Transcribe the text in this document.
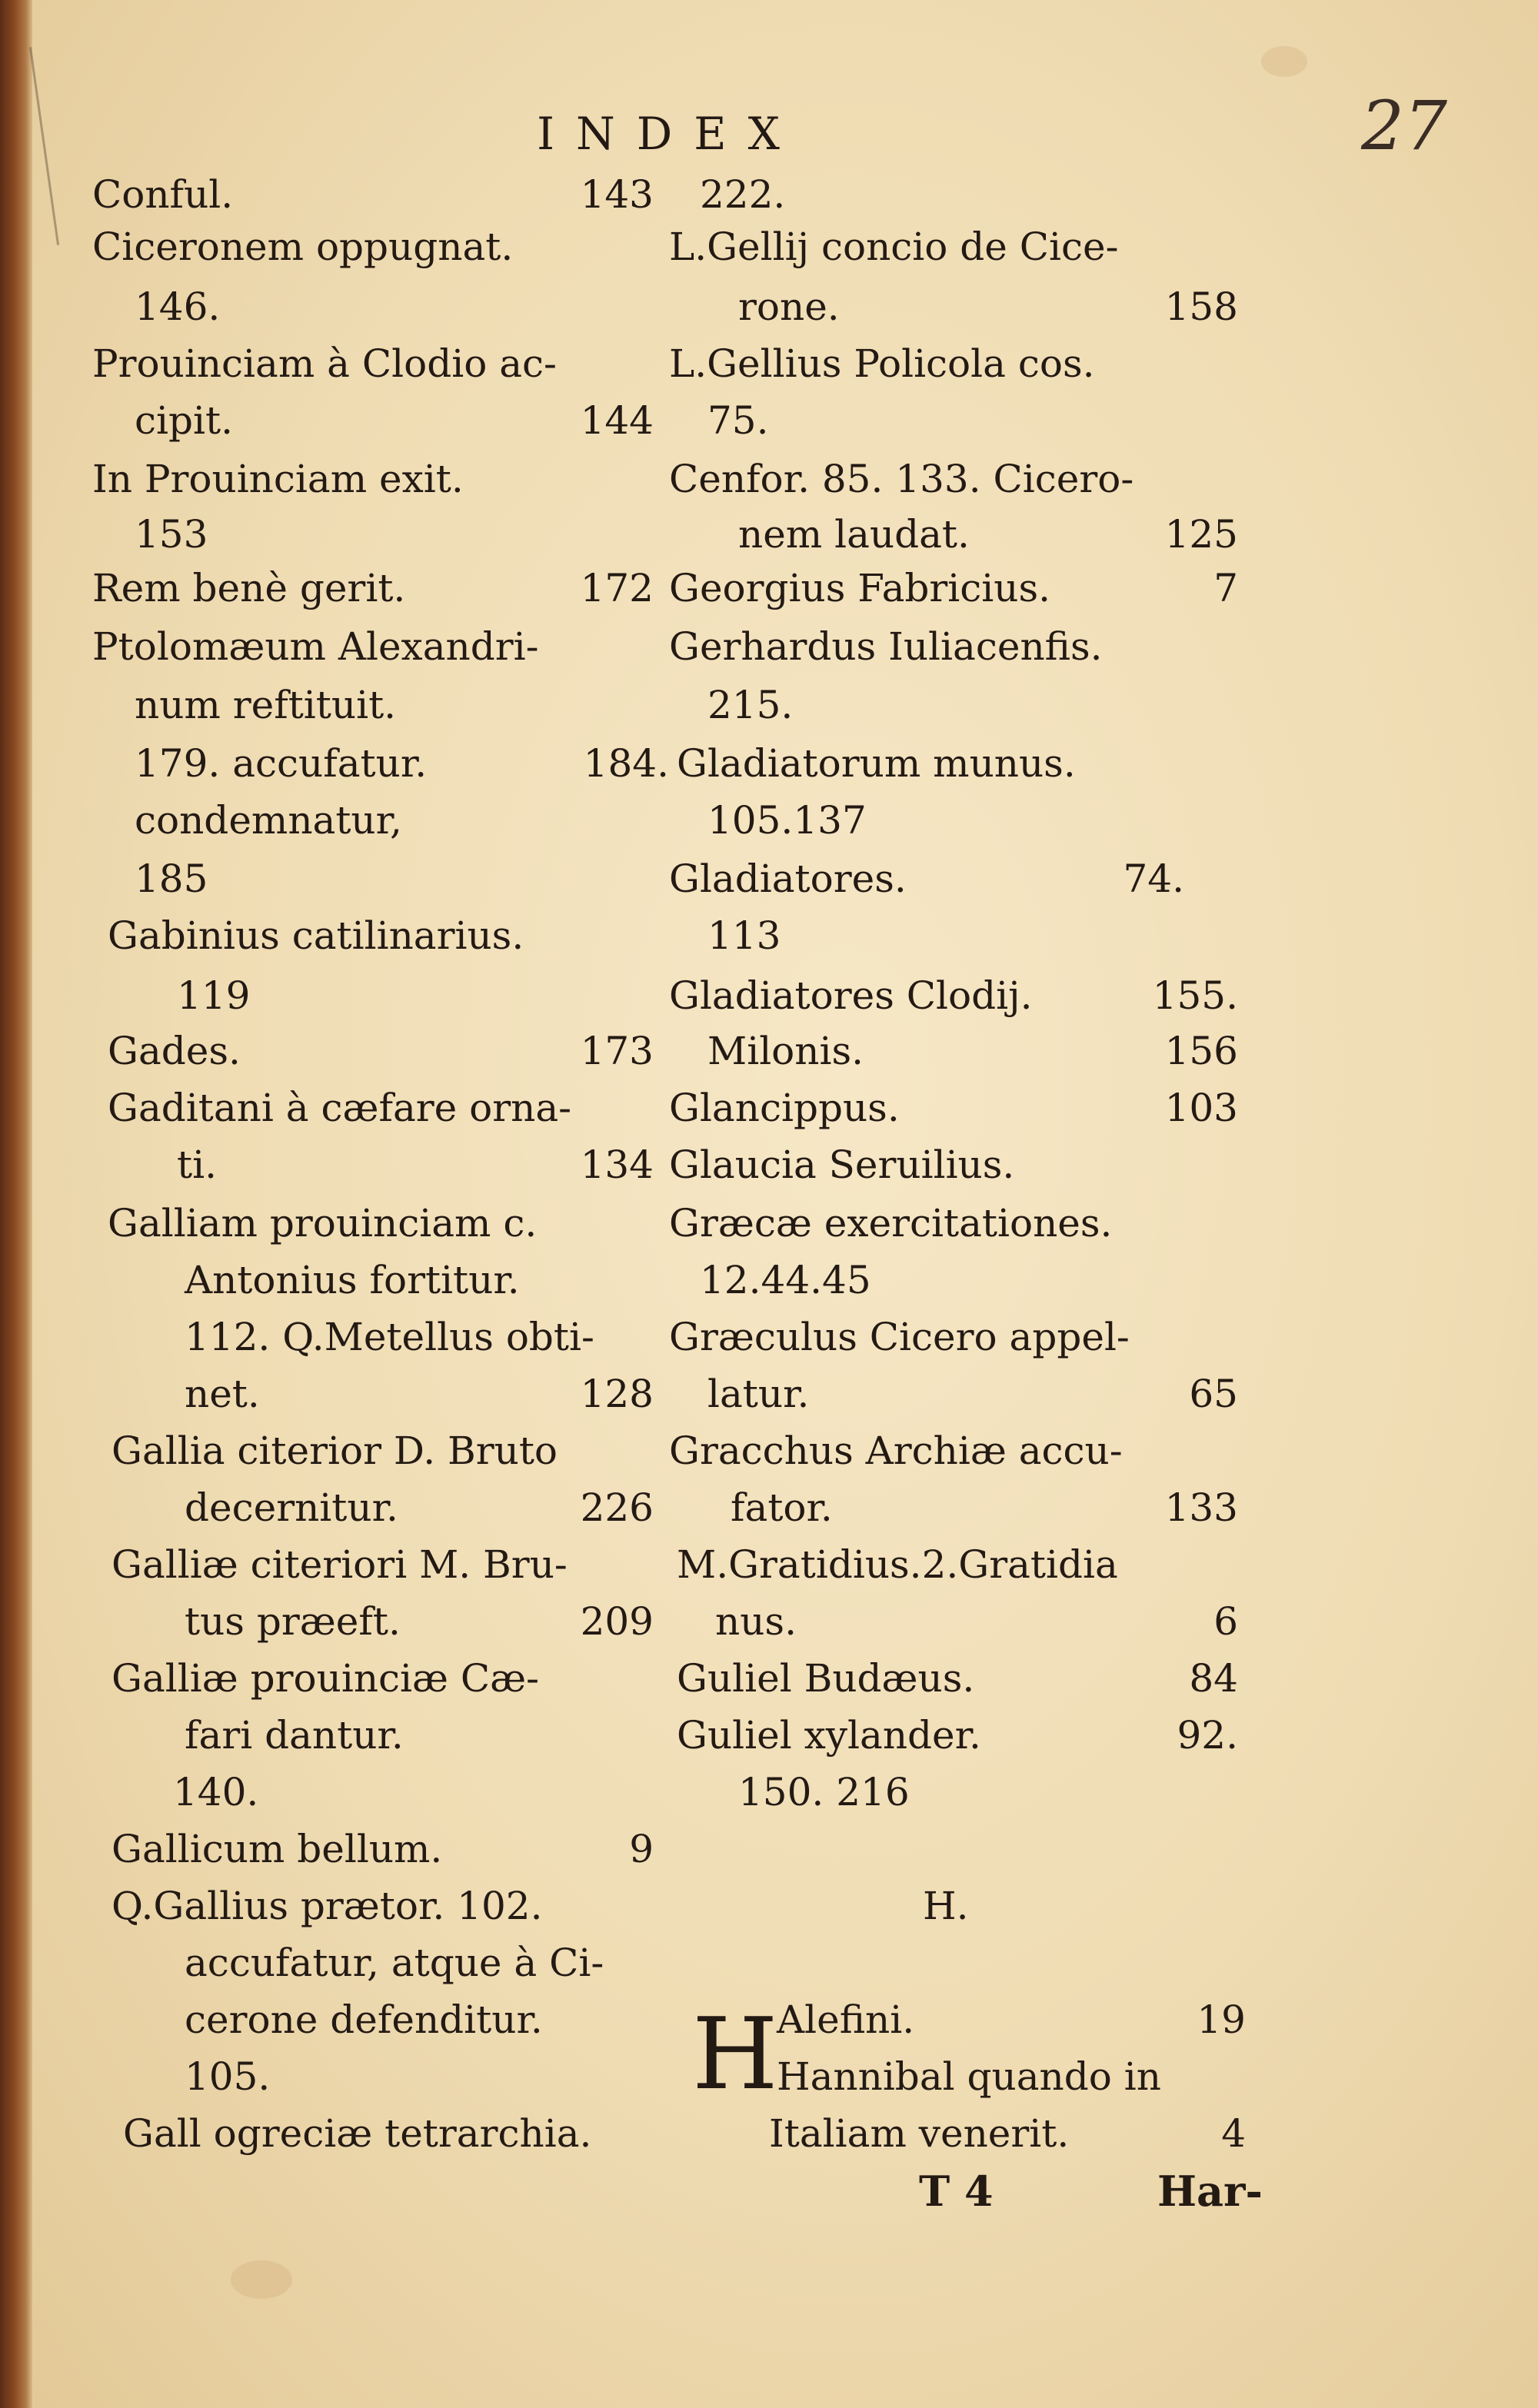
27
INDEX
Conful.	143
Ciceronem oppugnat.
146.
Prouinciam à Clodio ac-
cipit.	144
In Prouinciam exit.
153
Rem benè gerit.	172
Ptolomæum Alexandri-
num reftituit.
179. accufatur.	184.
condemnatur,
185
Gabinius catilinarius.
119
Gades.	173
Gaditani à cæfare orna-
ti.	134
Galliam prouinciam c.
Antonius fortitur.
112. Q.Metellus obti-
net.	128
Gallia citerior D. Bruto
decernitur.	226
Galliæ citeriori M. Bru-
tus præeft.	209
Galliæ prouinciæ Cæ-
fari dantur.
140.
Gallicum bellum.	9
Q.Gallius prætor. 102.
accufatur, atque à Ci-
cerone defenditur.
105.
Gall ogreciæ tetrarchia.
222.
L.Gellij concio de Cice-
rone.	158
L.Gellius Policola cos.
75.
Cenfor. 85. 133. Cicero-
nem laudat.	125
Georgius Fabricius.	7
Gerhardus Iuliacenfis.
215.
Gladiatorum munus.
105.137
Gladiatores.	74.
113
Gladiatores Clodij.	155.
Milonis.	156
Glancippus.	103
Glaucia Seruilius.
Græcæ exercitationes.
12.44.45
Græculus Cicero appel-
latur.	65
Gracchus Archiæ accu-
fator.	133
M.Gratidius.2.Gratidia
nus.	6
Guliel Budæus.	84
Guliel xylander.	92.
150. 216
H.
Alefini.	19
Hannibal quando in
Italiam venerit.	4
H
T 4	Har-
